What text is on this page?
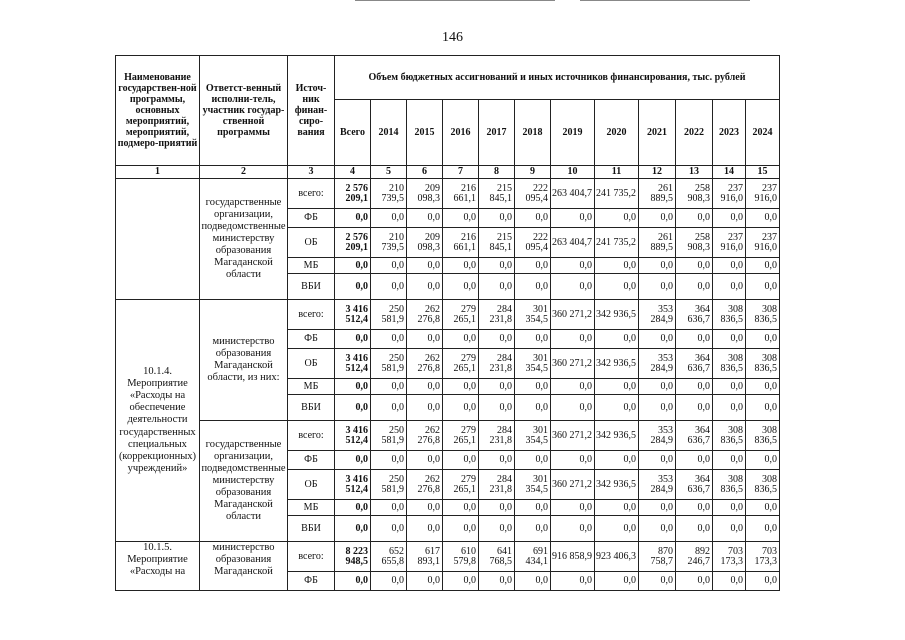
146
Наименование государствен-ной программы, основных мероприятий, мероприятий, подмеро-приятий	Ответст-венный исполни-тель, участник государ-ственной программы	Источ-ник финан-сиро-вания	Объем бюджетных ассигнований и иных источников финансирования, тыс. рублей											
			Всего	2014	2015	2016	2017	2018	2019	2020	2021	2022	2023	2024
1	2	3	4	5	6	7	8	9	10	11	12	13	14	15
	государственные организации, подведомственные министерству образования Магаданской области	всего:	2 576 209,1	210 739,5	209 098,3	216 661,1	215 845,1	222 095,4	263 404,7	241 735,2	261 889,5	258 908,3	237 916,0	237 916,0
		ФБ	0,0	0,0	0,0	0,0	0,0	0,0	0,0	0,0	0,0	0,0	0,0	0,0
		ОБ	2 576 209,1	210 739,5	209 098,3	216 661,1	215 845,1	222 095,4	263 404,7	241 735,2	261 889,5	258 908,3	237 916,0	237 916,0
		МБ	0,0	0,0	0,0	0,0	0,0	0,0	0,0	0,0	0,0	0,0	0,0	0,0
		ВБИ	0,0	0,0	0,0	0,0	0,0	0,0	0,0	0,0	0,0	0,0	0,0	0,0
10.1.4. Мероприятие «Расходы на обеспечение деятельности государственных специальных (коррекционных) учреждений»	министерство образования Магаданской области, из них:	всего:	3 416 512,4	250 581,9	262 276,8	279 265,1	284 231,8	301 354,5	360 271,2	342 936,5	353 284,9	364 636,7	308 836,5	308 836,5
		ФБ	0,0	0,0	0,0	0,0	0,0	0,0	0,0	0,0	0,0	0,0	0,0	0,0
		ОБ	3 416 512,4	250 581,9	262 276,8	279 265,1	284 231,8	301 354,5	360 271,2	342 936,5	353 284,9	364 636,7	308 836,5	308 836,5
		МБ	0,0	0,0	0,0	0,0	0,0	0,0	0,0	0,0	0,0	0,0	0,0	0,0
		ВБИ	0,0	0,0	0,0	0,0	0,0	0,0	0,0	0,0	0,0	0,0	0,0	0,0
	государственные организации, подведомственные министерству образования Магаданской области	всего:	3 416 512,4	250 581,9	262 276,8	279 265,1	284 231,8	301 354,5	360 271,2	342 936,5	353 284,9	364 636,7	308 836,5	308 836,5
		ФБ	0,0	0,0	0,0	0,0	0,0	0,0	0,0	0,0	0,0	0,0	0,0	0,0
		ОБ	3 416 512,4	250 581,9	262 276,8	279 265,1	284 231,8	301 354,5	360 271,2	342 936,5	353 284,9	364 636,7	308 836,5	308 836,5
		МБ	0,0	0,0	0,0	0,0	0,0	0,0	0,0	0,0	0,0	0,0	0,0	0,0
		ВБИ	0,0	0,0	0,0	0,0	0,0	0,0	0,0	0,0	0,0	0,0	0,0	0,0
10.1.5. Мероприятие «Расходы на	министерство образования Магаданской	всего:	8 223 948,5	652 655,8	617 893,1	610 579,8	641 768,5	691 434,1	916 858,9	923 406,3	870 758,7	892 246,7	703 173,3	703 173,3
		ФБ	0,0	0,0	0,0	0,0	0,0	0,0	0,0	0,0	0,0	0,0	0,0	0,0
